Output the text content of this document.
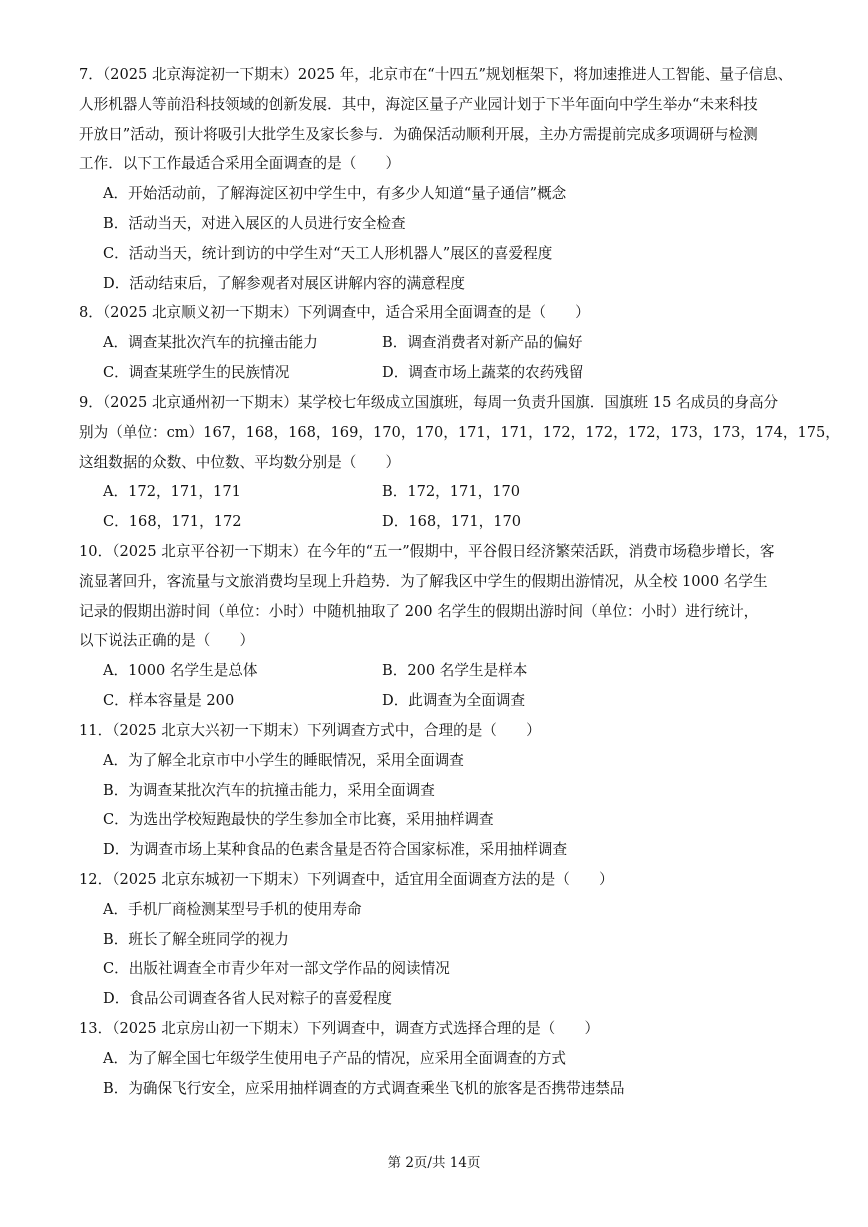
7．（2025 北京海淀初一下期末）2025 年，北京市在“十四五”规划框架下，将加速推进人工智能、量子信息、
人形机器人等前沿科技领域的创新发展．其中，海淀区量子产业园计划于下半年面向中学生举办“未来科技
开放日”活动，预计将吸引大批学生及家长参与．为确保活动顺利开展，主办方需提前完成多项调研与检测
工作．以下工作最适合采用全面调查的是（　　）
A．开始活动前，了解海淀区初中学生中，有多少人知道“量子通信”概念
B．活动当天，对进入展区的人员进行安全检查
C．活动当天，统计到访的中学生对“天工人形机器人”展区的喜爱程度
D．活动结束后，了解参观者对展区讲解内容的满意程度
8．（2025 北京顺义初一下期末）下列调查中，适合采用全面调查的是（　　）
A．调查某批次汽车的抗撞击能力	B．调查消费者对新产品的偏好
C．调查某班学生的民族情况	D．调查市场上蔬菜的农药残留
9．（2025 北京通州初一下期末）某学校七年级成立国旗班，每周一负责升国旗．国旗班 15 名成员的身高分
别为（单位：cm）167，168，168，169，170，170，171，171，172，172，172，173，173，174，175，
这组数据的众数、中位数、平均数分别是（　　）
A．172，171，171	B．172，171，170
C．168，171，172	D．168，171，170
10．（2025 北京平谷初一下期末）在今年的“五一”假期中，平谷假日经济繁荣活跃，消费市场稳步增长，客
流显著回升，客流量与文旅消费均呈现上升趋势．为了解我区中学生的假期出游情况，从全校 1000 名学生
记录的假期出游时间（单位：小时）中随机抽取了 200 名学生的假期出游时间（单位：小时）进行统计，
以下说法正确的是（　　）
A．1000 名学生是总体	B．200 名学生是样本
C．样本容量是 200	D．此调查为全面调查
11．（2025 北京大兴初一下期末）下列调查方式中，合理的是（　　）
A．为了解全北京市中小学生的睡眠情况，采用全面调查
B．为调查某批次汽车的抗撞击能力，采用全面调查
C．为选出学校短跑最快的学生参加全市比赛，采用抽样调查
D．为调查市场上某种食品的色素含量是否符合国家标准，采用抽样调查
12．（2025 北京东城初一下期末）下列调查中，适宜用全面调查方法的是（　　）
A．手机厂商检测某型号手机的使用寿命
B．班长了解全班同学的视力
C．出版社调查全市青少年对一部文学作品的阅读情况
D．食品公司调查各省人民对粽子的喜爱程度
13．（2025 北京房山初一下期末）下列调查中，调查方式选择合理的是（　　）
A．为了解全国七年级学生使用电子产品的情况，应采用全面调查的方式
B．为确保飞行安全，应采用抽样调查的方式调查乘坐飞机的旅客是否携带违禁品
第 2页/共 14页
